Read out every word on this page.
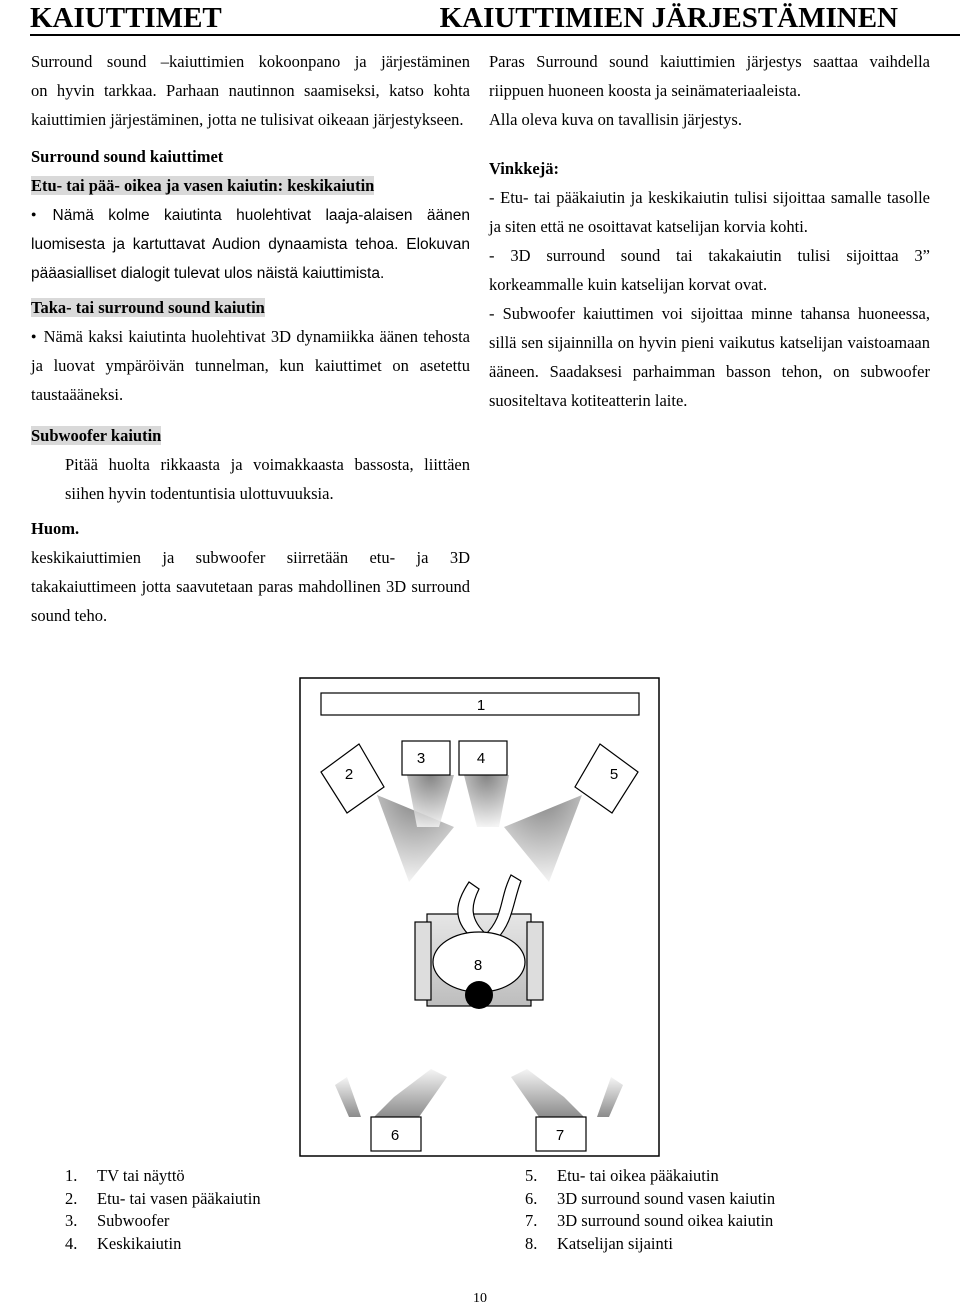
KAIUTTIMET	KAIUTTIMIEN JÄRJESTÄMINEN
Surround sound –kaiuttimien kokoonpano ja järjestäminen
on hyvin tarkkaa. Parhaan nautinnon saamiseksi, katso kohta kaiuttimien järjestäminen, jotta ne tulisivat oikeaan järjestykseen.
Surround sound kaiuttimet
Etu- tai pää- oikea ja vasen kaiutin: keskikaiutin
● Nämä kolme kaiutinta huolehtivat laaja-alaisen äänen luomisesta ja kartuttavat Audion dynaamista tehoa. Elokuvan pääasialliset dialogit tulevat ulos näistä kaiuttimista.
Taka- tai surround sound kaiutin
● Nämä kaksi kaiutinta huolehtivat 3D dynamiikka äänen tehosta ja luovat ympäröivän tunnelman, kun kaiuttimet on asetettu taustaääneksi.
Subwoofer kaiutin
Pitää huolta rikkaasta ja voimakkaasta bassosta, liittäen siihen hyvin todentuntisia ulottuvuuksia.
Huom.
keskikaiuttimien ja subwoofer siirretään etu- ja 3D takakaiuttimeen jotta saavutetaan paras mahdollinen 3D surround sound teho.
Paras Surround sound kaiuttimien järjestys saattaa vaihdella riippuen huoneen koosta ja seinämateriaaleista.
Alla oleva kuva on tavallisin järjestys.
Vinkkejä:
- Etu- tai pääkaiutin ja keskikaiutin tulisi sijoittaa samalle tasolle ja siten että ne osoittavat katselijan korvia kohti.
- 3D surround sound tai takakaiutin tulisi sijoittaa 3” korkeammalle kuin katselijan korvat ovat.
- Subwoofer kaiuttimen voi sijoittaa minne tahansa huoneessa, sillä sen sijainnilla on hyvin pieni vaikutus katselijan vaistoamaan ääneen. Saadaksesi parhaimman basson tehon, on subwoofer suositeltava kotiteatterin laite.
1
2
3	4
5
8
6	7
1. TV tai näyttö
2. Etu- tai vasen pääkaiutin
3. Subwoofer
4. Keskikaiutin
5. Etu- tai oikea pääkaiutin
6. 3D surround sound vasen kaiutin
7. 3D surround sound oikea kaiutin
8. Katselijan sijainti
10
